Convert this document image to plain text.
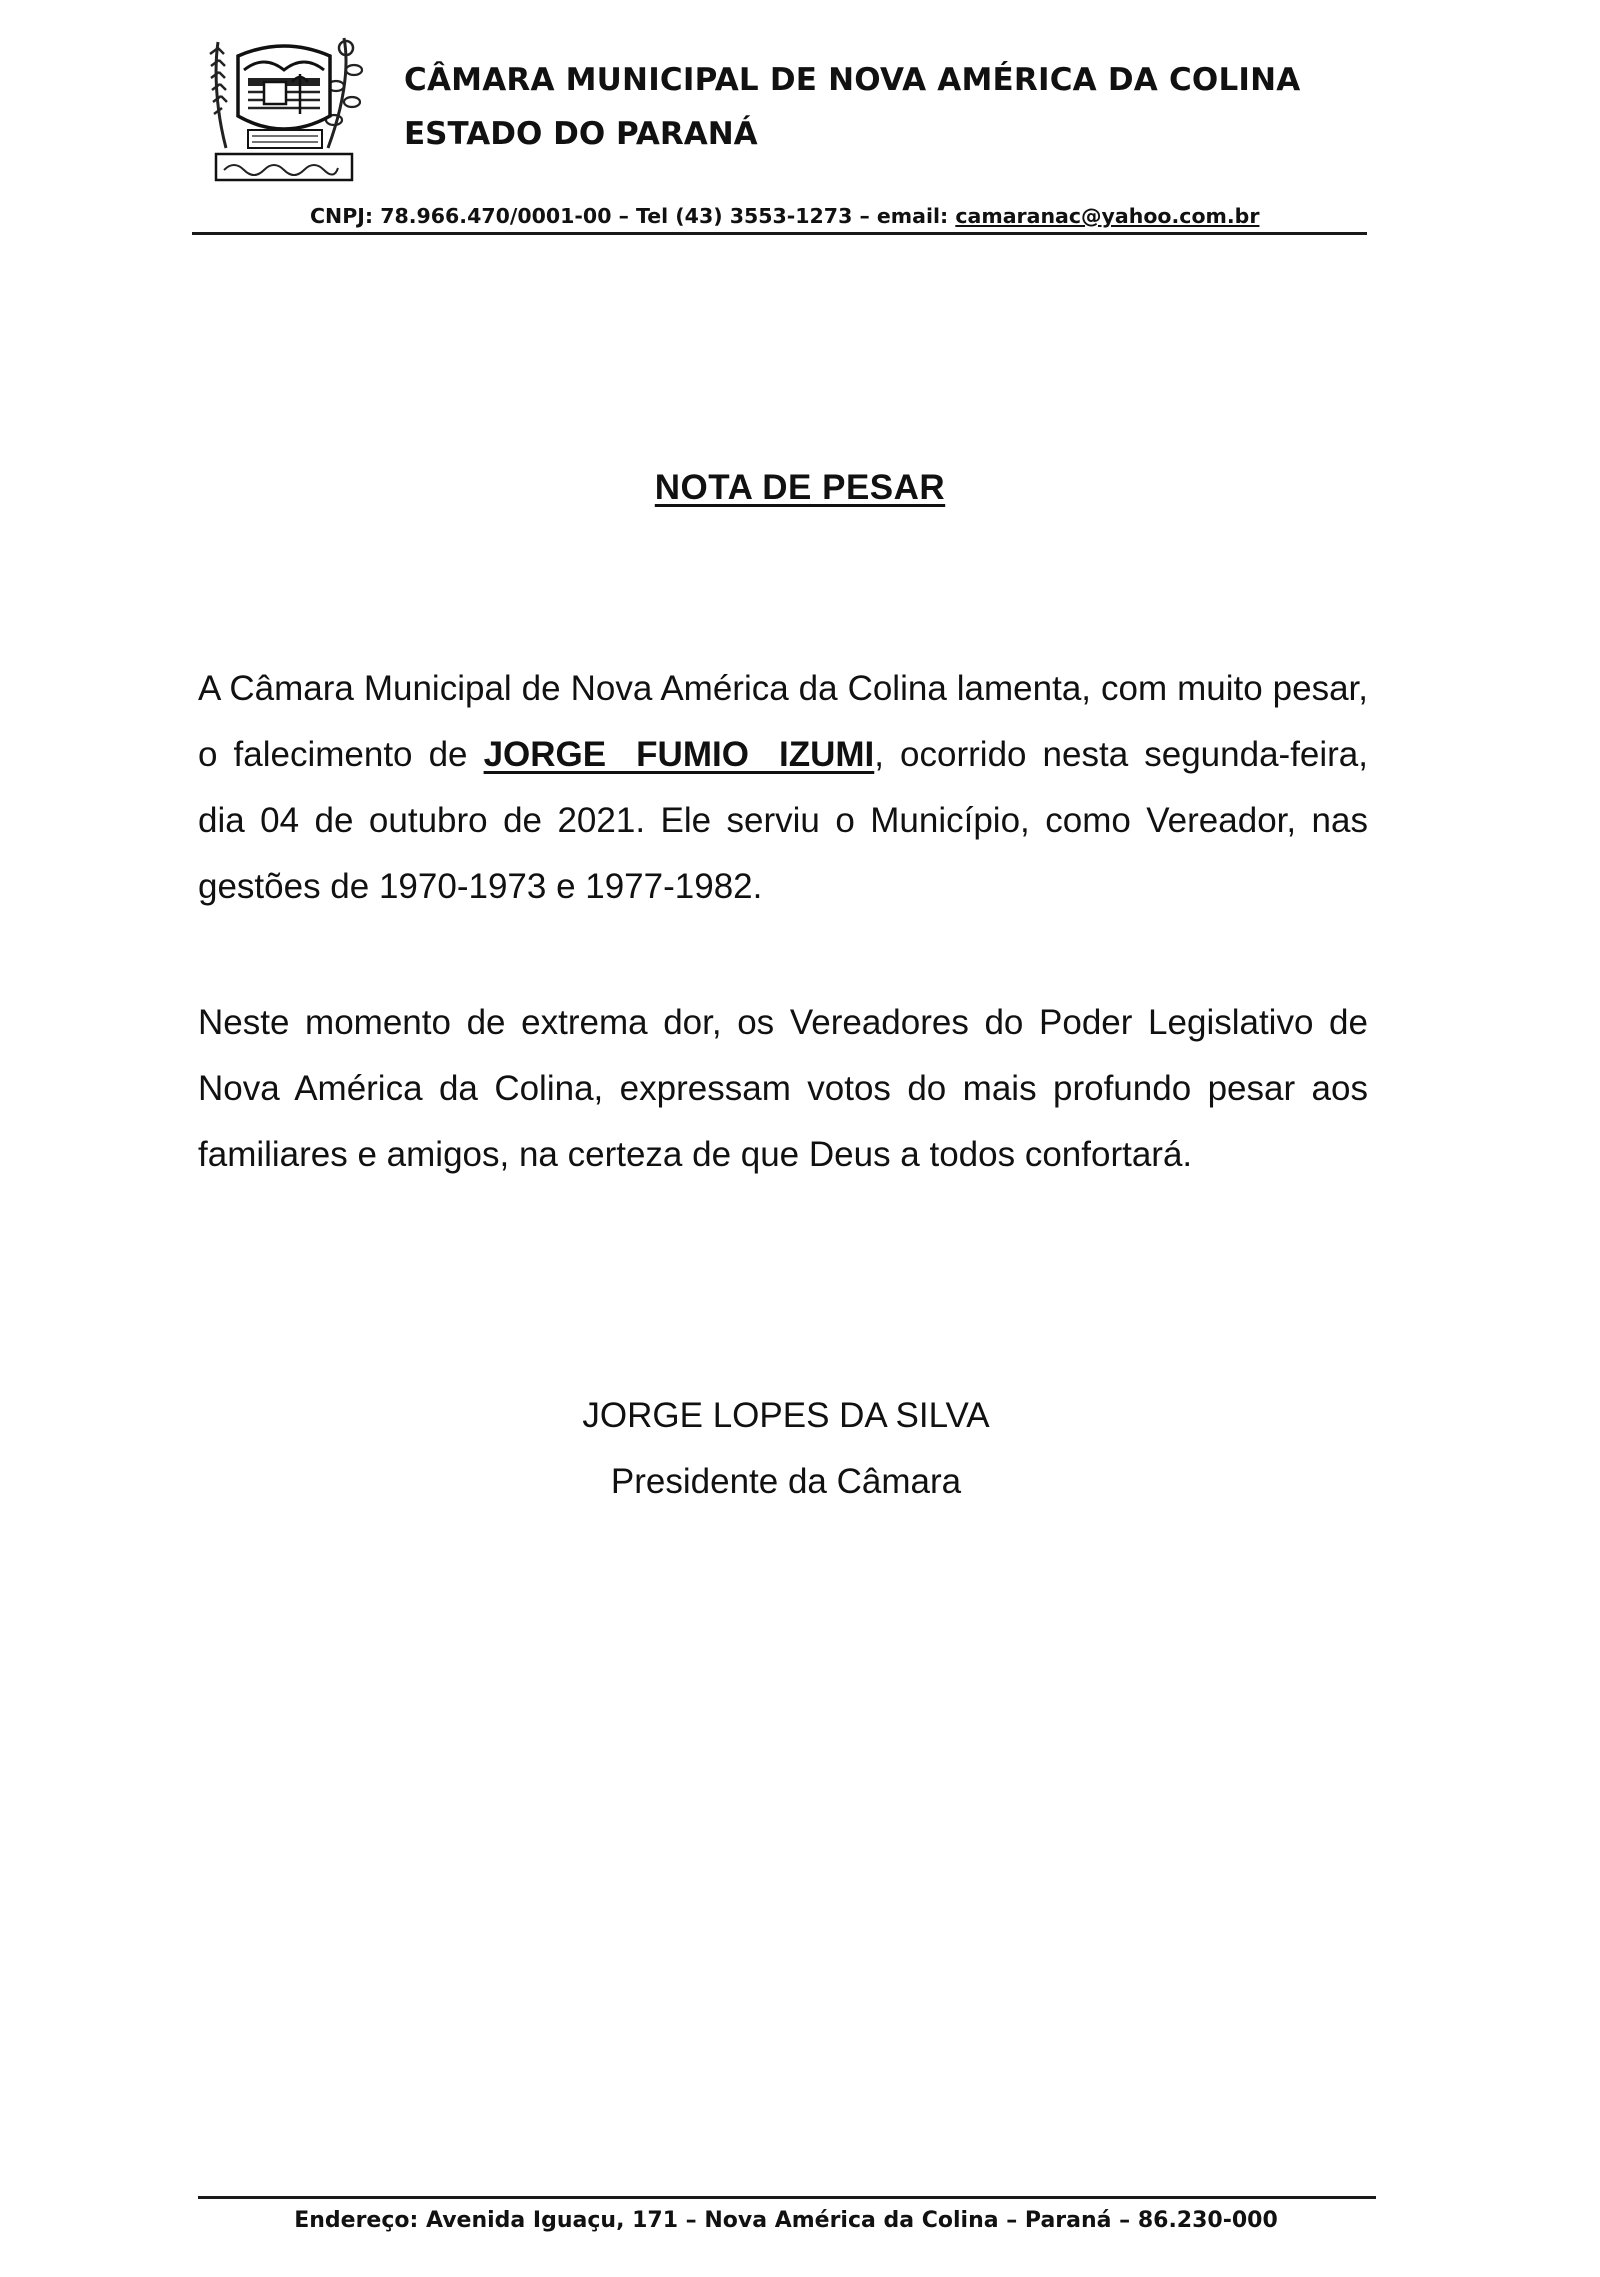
CÂMARA MUNICIPAL DE NOVA AMÉRICA DA COLINA
ESTADO DO PARANÁ
CNPJ: 78.966.470/0001-00 – Tel (43) 3553-1273 – email: camaranac@yahoo.com.br
NOTA DE PESAR
A Câmara Municipal de Nova América da Colina lamenta, com muito pesar, o falecimento de JORGE FUMIO IZUMI, ocorrido nesta segunda-feira, dia 04 de outubro de 2021. Ele serviu o Município, como Vereador, nas gestões de 1970-1973 e 1977-1982.
Neste momento de extrema dor, os Vereadores do Poder Legislativo de Nova América da Colina, expressam votos do mais profundo pesar aos familiares e amigos, na certeza de que Deus a todos confortará.
JORGE LOPES DA SILVA
Presidente da Câmara
Endereço: Avenida Iguaçu, 171 – Nova América da Colina – Paraná – 86.230-000
